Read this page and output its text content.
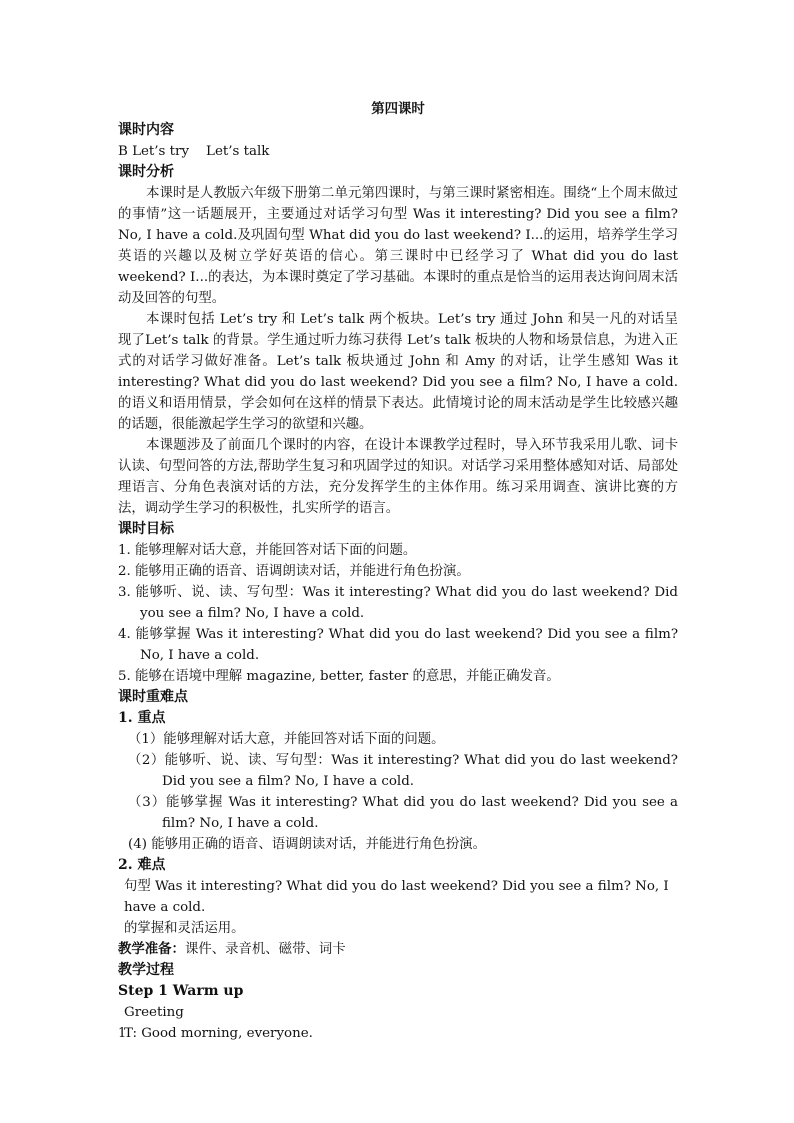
第四课时

课时内容

B Let’s try    Let’s talk

课时分析

本课时是人教版六年级下册第二单元第四课时，与第三课时紧密相连。围绕“上个周末做过的事情”这一话题展开，主要通过对话学习句型 Was it interesting? Did you see a film? No, I have a cold.及巩固句型 What did you do last weekend? I...的运用，培养学生学习英语的兴趣以及树立学好英语的信心。第三课时中已经学习了 What did you do last weekend? I...的表达，为本课时奠定了学习基础。本课时的重点是恰当的运用表达询问周末活动及回答的句型。

本课时包括 Let’s try 和 Let’s talk 两个板块。Let’s try 通过 John 和吴一凡的对话呈现了Let’s talk 的背景。学生通过听力练习获得 Let’s talk 板块的人物和场景信息，为进入正式的对话学习做好准备。Let’s talk 板块通过 John 和 Amy 的对话，让学生感知 Was it interesting? What did you do last weekend? Did you see a film? No, I have a cold.的语义和语用情景，学会如何在这样的情景下表达。此情境讨论的周末活动是学生比较感兴趣的话题，很能激起学生学习的欲望和兴趣。

本课题涉及了前面几个课时的内容，在设计本课教学过程时，导入环节我采用儿歌、词卡认读、句型问答的方法,帮助学生复习和巩固学过的知识。对话学习采用整体感知对话、局部处理语言、分角色表演对话的方法，充分发挥学生的主体作用。练习采用调查、演讲比赛的方法，调动学生学习的积极性，扎实所学的语言。

课时目标

1. 能够理解对话大意，并能回答对话下面的问题。

2. 能够用正确的语音、语调朗读对话，并能进行角色扮演。

3. 能够听、说、读、写句型：Was it interesting? What did you do last weekend? Did you see a film? No, I have a cold.

4. 能够掌握 Was it interesting? What did you do last weekend? Did you see a film? No, I have a cold.

5. 能够在语境中理解 magazine, better, faster 的意思，并能正确发音。

课时重难点

1. 重点

（1）能够理解对话大意，并能回答对话下面的问题。

（2）能够听、说、读、写句型：Was it interesting? What did you do last weekend? Did you see a film? No, I have a cold.

（3）能够掌握 Was it interesting? What did you do last weekend? Did you see a film? No, I have a cold.

(4) 能够用正确的语音、语调朗读对话，并能进行角色扮演。

2. 难点

句型 Was it interesting? What did you do last weekend? Did you see a film? No, I have a cold.

的掌握和灵活运用。

教学准备：课件、录音机、磁带、词卡

教学过程

Step 1 Warm up

Greeting

T: Good morning, everyone.

1
